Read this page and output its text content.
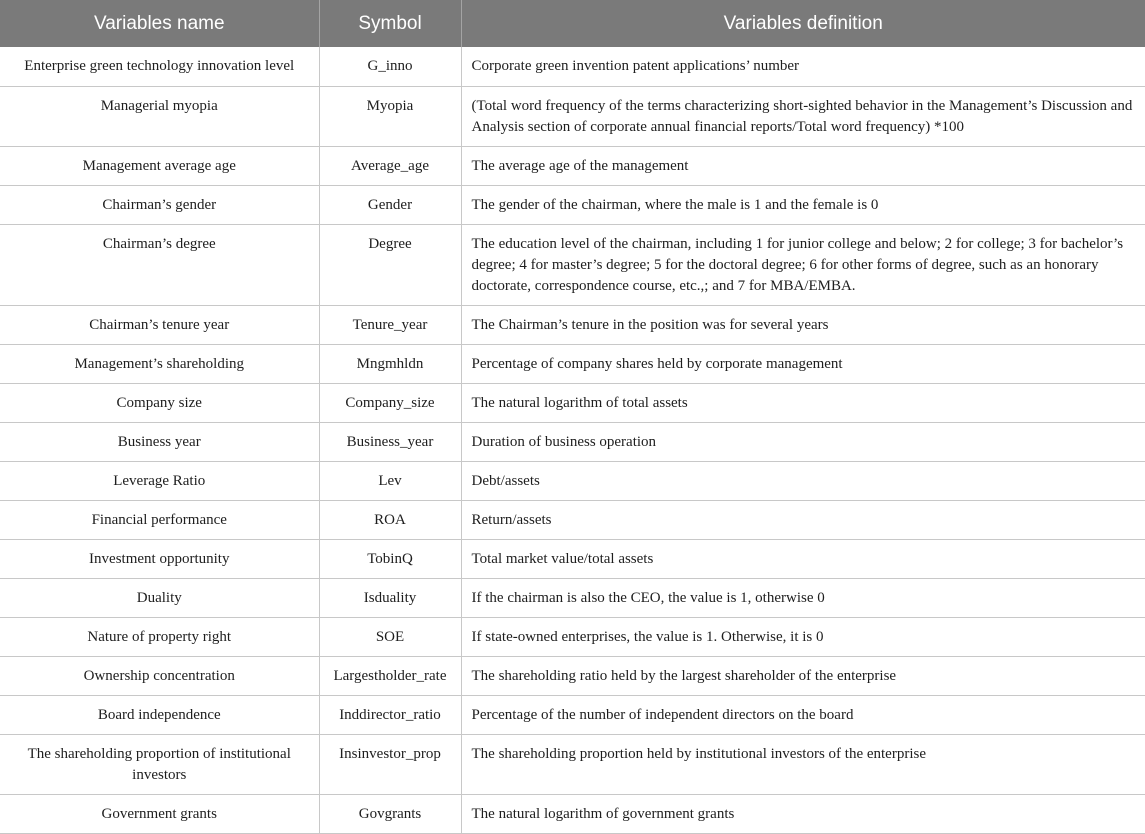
Variables name	Symbol	Variables definition
Enterprise green technology innovation level	G_inno	Corporate green invention patent applications’ number
Managerial myopia	Myopia	(Total word frequency of the terms characterizing short-sighted behavior in the Management’s Discussion and Analysis section of corporate annual financial reports/Total word frequency) *100
Management average age	Average_age	The average age of the management
Chairman’s gender	Gender	The gender of the chairman, where the male is 1 and the female is 0
Chairman’s degree	Degree	The education level of the chairman, including 1 for junior college and below; 2 for college; 3 for bachelor’s degree; 4 for master’s degree; 5 for the doctoral degree; 6 for other forms of degree, such as an honorary doctorate, correspondence course, etc.,; and 7 for MBA/EMBA.
Chairman’s tenure year	Tenure_year	The Chairman’s tenure in the position was for several years
Management’s shareholding	Mngmhldn	Percentage of company shares held by corporate management
Company size	Company_size	The natural logarithm of total assets
Business year	Business_year	Duration of business operation
Leverage Ratio	Lev	Debt/assets
Financial performance	ROA	Return/assets
Investment opportunity	TobinQ	Total market value/total assets
Duality	Isduality	If the chairman is also the CEO, the value is 1, otherwise 0
Nature of property right	SOE	If state-owned enterprises, the value is 1. Otherwise, it is 0
Ownership concentration	Largestholder_rate	The shareholding ratio held by the largest shareholder of the enterprise
Board independence	Inddirector_ratio	Percentage of the number of independent directors on the board
The shareholding proportion of institutional investors	Insinvestor_prop	The shareholding proportion held by institutional investors of the enterprise
Government grants	Govgrants	The natural logarithm of government grants
